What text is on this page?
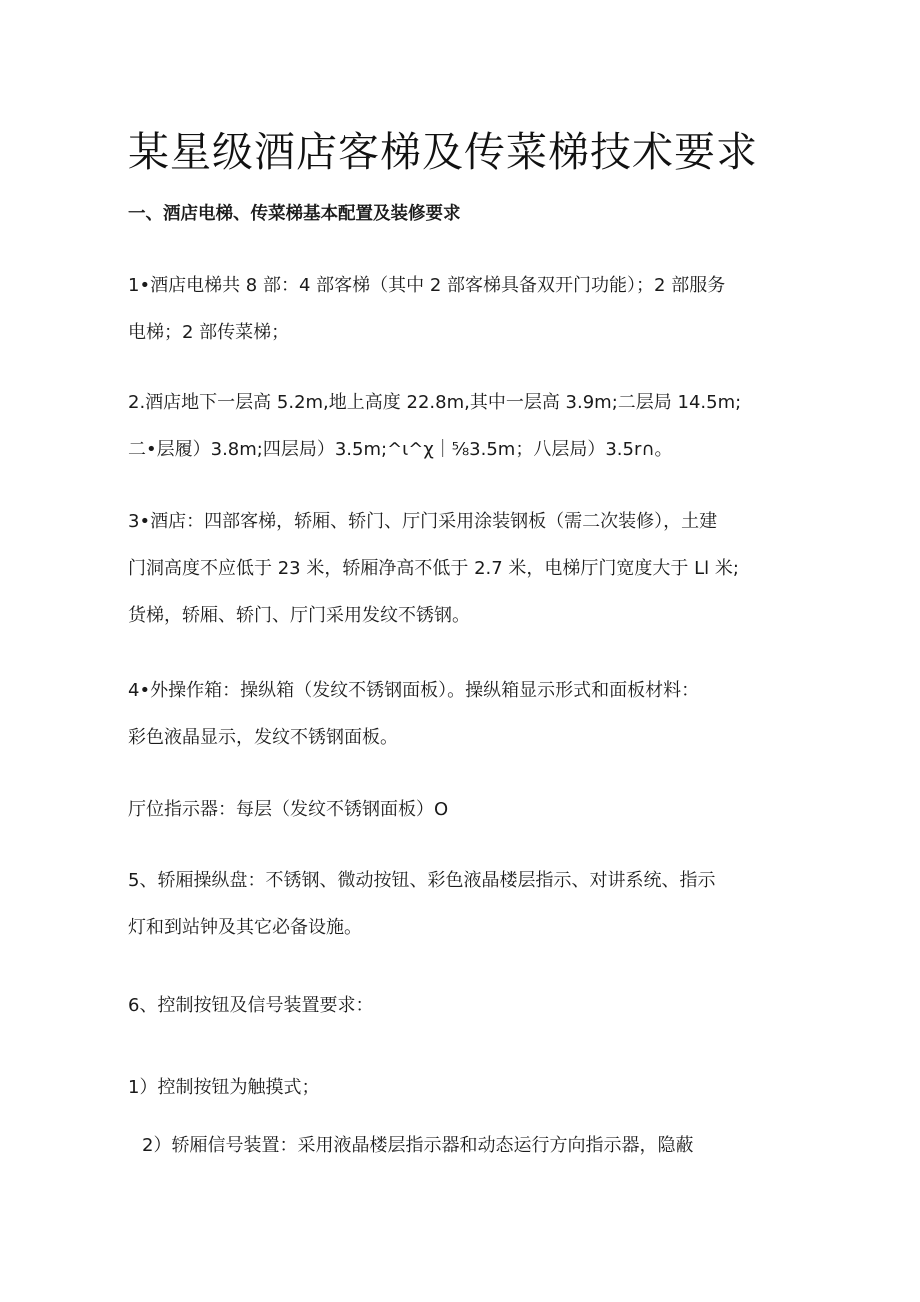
某星级酒店客梯及传菜梯技术要求
一、酒店电梯、传菜梯基本配置及装修要求
1•酒店电梯共 8 部：4 部客梯（其中 2 部客梯具备双开门功能）；2 部服务
电梯；2 部传菜梯；
2.酒店地下一层高 5.2m,地上高度 22.8m,其中一层高 3.9m;二层局 14.5m;
二•层履）3.8m;四层局）3.5m;^ι^χ｜⅝3.5m；八层局）3.5r∩。
3•酒店：四部客梯，轿厢、轿门、厅门采用涂装钢板（需二次装修），土建
门洞高度不应低于 23 米，轿厢净高不低于 2.7 米，电梯厅门宽度大于 Ll 米;
货梯，轿厢、轿门、厅门采用发纹不锈钢。
4•外操作箱：操纵箱（发纹不锈钢面板）。操纵箱显示形式和面板材料：
彩色液晶显示，发纹不锈钢面板。
厅位指示器：每层（发纹不锈钢面板）O
5、轿厢操纵盘：不锈钢、微动按钮、彩色液晶楼层指示、对讲系统、指示
灯和到站钟及其它必备设施。
6、控制按钮及信号装置要求：
1）控制按钮为触摸式；
2）轿厢信号装置：采用液晶楼层指示器和动态运行方向指示器，隐蔽
